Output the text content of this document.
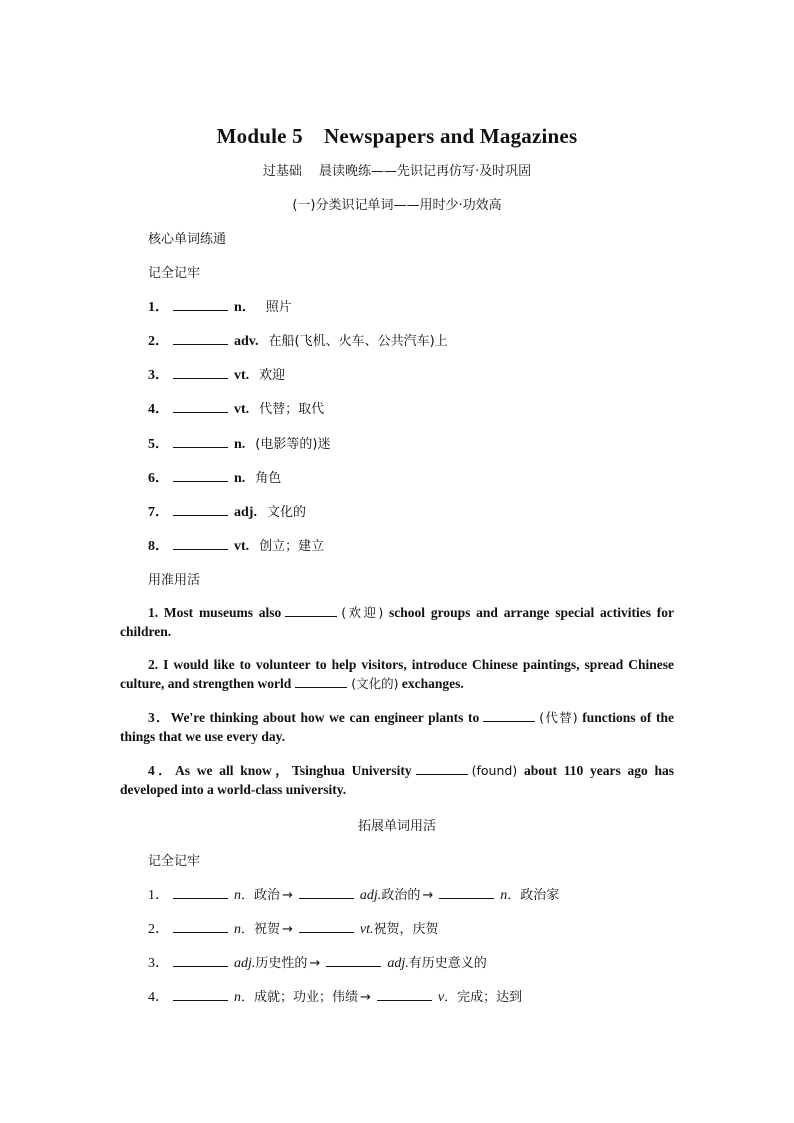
Module 5　Newspapers and Magazines
过基础　 晨读晚练——先识记再仿写·及时巩固
(一)分类识记单词——用时少·功效高
核心单词练通
记全记牢
1．	n． 照片
2．	adv. 在船(飞机、火车、公共汽车)上
3．	vt. 欢迎
4．	vt. 代替；取代
5．	n. (电影等的)迷
6．	n. 角色
7．	adj. 文化的
8．	vt. 创立；建立
用准用活
1. Most museums also	(欢迎) school groups and arrange special activities for children.
2. I would like to volunteer to help visitors, introduce Chinese paintings, spread Chinese culture, and strengthen world	(文化的) exchanges.
3．We're thinking about how we can engineer plants to	(代替) functions of the things that we use every day.
4．As we all know，Tsinghua University	(found) about 110 years ago has developed into a world-class university.
拓展单词用活
记全记牢
1．	n．政治 →	adj.政治的 →	n．政治家
2．	n．祝贺 →	vt.祝贺，庆贺
3．	adj.历史性的 →	adj.有历史意义的
4．	n．成就；功业；伟绩 →	v．完成；达到
